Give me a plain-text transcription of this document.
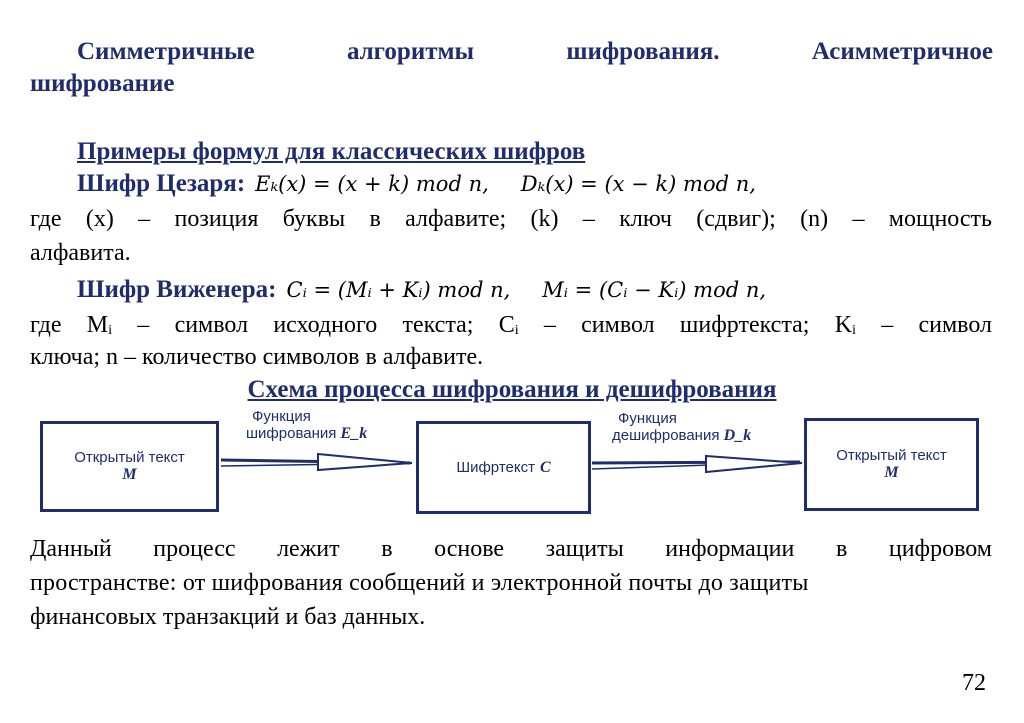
Симметричные	алгоритмы	шифрования.	Асимметричное
шифрование
Примеры формул для классических шифров
Шифр Цезаря: Eₖ(x) = (x + k) mod n, Dₖ(x) = (x − k) mod n,
где (x) – позиция буквы в алфавите; (k) – ключ (сдвиг); (n) – мощность
алфавита.
Шифр Виженера: Cᵢ = (Mᵢ + Kᵢ) mod n, Mᵢ = (Cᵢ − Kᵢ) mod n,
где Mᵢ – символ исходного текста; Cᵢ – символ шифртекста; Kᵢ – символ
ключа; n – количество символов в алфавите.
Схема процесса шифрования и дешифрования
Открытый текст
M	Шифртекст C
Открытый текст
M
Функция
шифрования E_k
Функция
дешифрования D_k
Данный процесс лежит в основе защиты информации в цифровом
пространстве: от шифрования сообщений и электронной почты до защиты
финансовых транзакций и баз данных.
72
